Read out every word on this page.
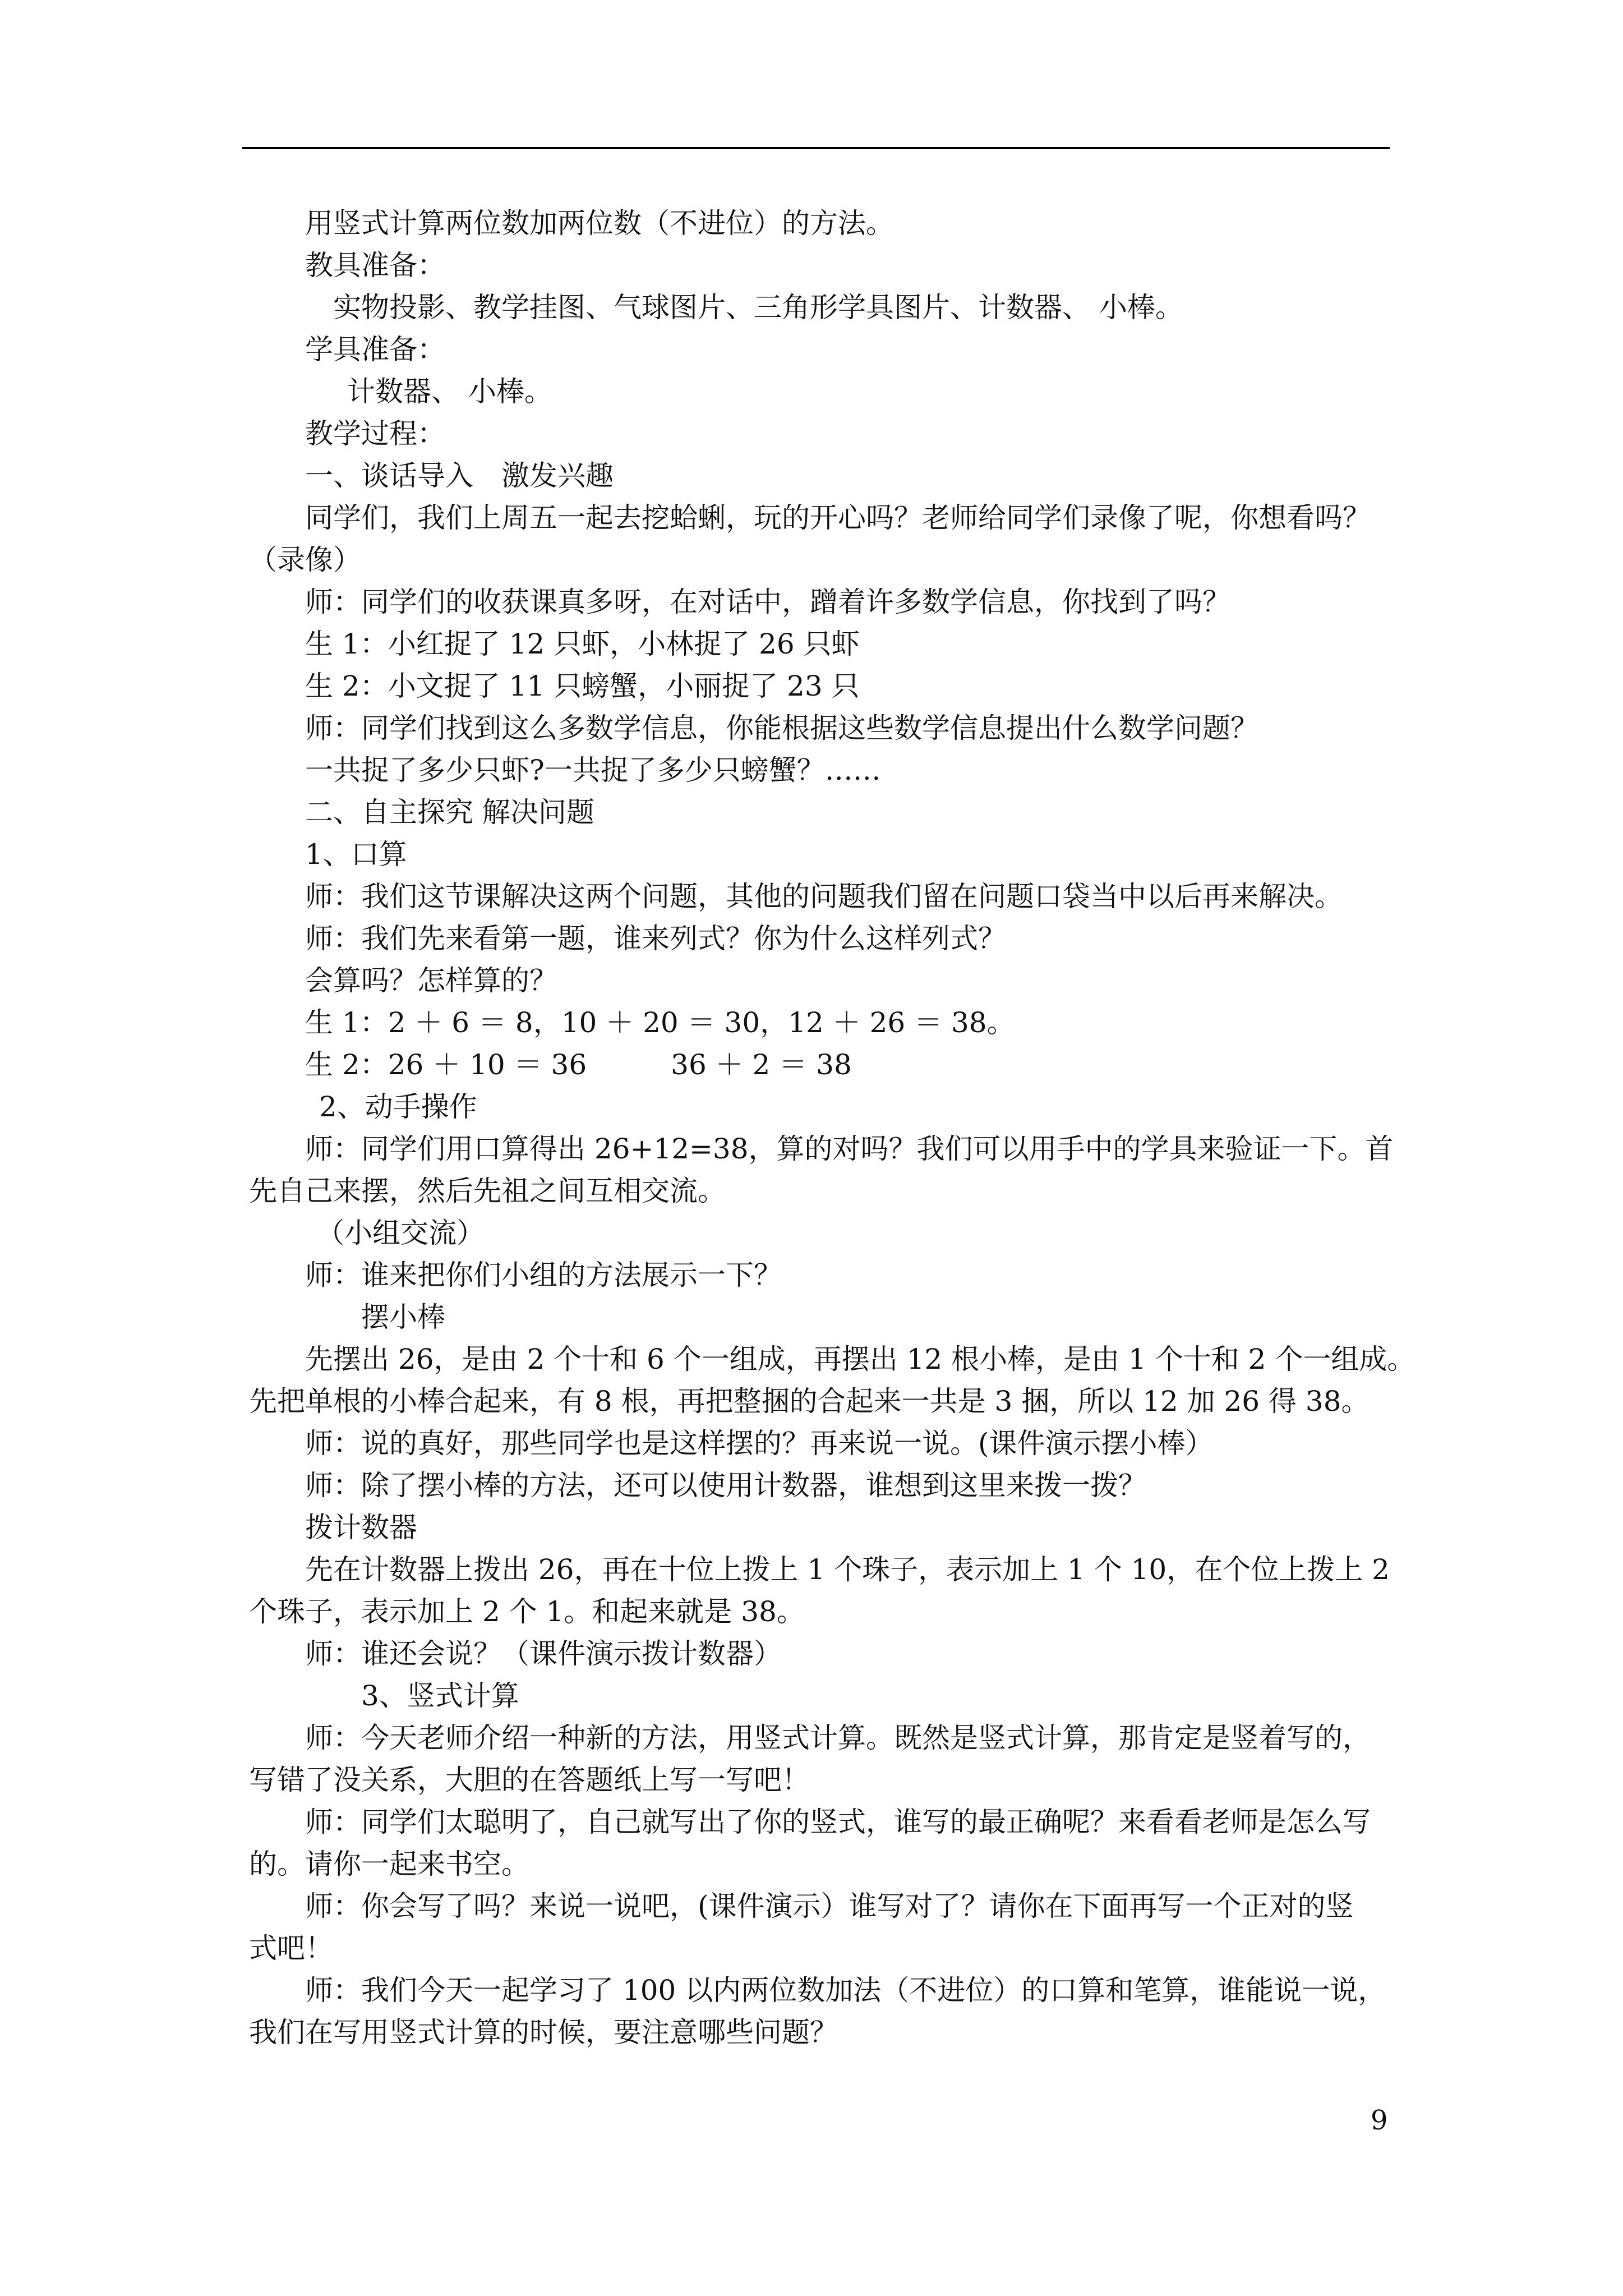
用竖式计算两位数加两位数（不进位）的方法。
教具准备：
实物投影、教学挂图、气球图片、三角形学具图片、计数器、 小棒。
学具准备：
计数器、 小棒。
教学过程：
一、谈话导入　激发兴趣
同学们，我们上周五一起去挖蛤蜊，玩的开心吗？老师给同学们录像了呢，你想看吗？
（录像）
师：同学们的收获课真多呀，在对话中，蹭着许多数学信息，你找到了吗？
生 1：小红捉了 12 只虾，小林捉了 26 只虾
生 2：小文捉了 11 只螃蟹，小丽捉了 23 只
师：同学们找到这么多数学信息，你能根据这些数学信息提出什么数学问题？
一共捉了多少只虾?一共捉了多少只螃蟹？……
二、自主探究 解决问题
1、口算
师：我们这节课解决这两个问题，其他的问题我们留在问题口袋当中以后再来解决。
师：我们先来看第一题，谁来列式？你为什么这样列式？
会算吗？怎样算的？
生 1：2 ＋ 6 ＝ 8，10 ＋ 20 ＝ 30，12 ＋ 26 ＝ 38。
生 2：26 ＋ 10 ＝ 36　　　36 ＋ 2 ＝ 38
2、动手操作
师：同学们用口算得出 26+12=38，算的对吗？我们可以用手中的学具来验证一下。首
先自己来摆，然后先祖之间互相交流。
（小组交流）
师：谁来把你们小组的方法展示一下？
摆小棒
先摆出 26，是由 2 个十和 6 个一组成，再摆出 12 根小棒，是由 1 个十和 2 个一组成。
先把单根的小棒合起来，有 8 根，再把整捆的合起来一共是 3 捆，所以 12 加 26 得 38。
师：说的真好，那些同学也是这样摆的？再来说一说。(课件演示摆小棒）
师：除了摆小棒的方法，还可以使用计数器，谁想到这里来拨一拨？
拨计数器
先在计数器上拨出 26，再在十位上拨上 1 个珠子，表示加上 1 个 10，在个位上拨上 2
个珠子，表示加上 2 个 1。和起来就是 38。
师：谁还会说？（课件演示拨计数器）
3、竖式计算
师：今天老师介绍一种新的方法，用竖式计算。既然是竖式计算，那肯定是竖着写的，
写错了没关系，大胆的在答题纸上写一写吧！
师：同学们太聪明了，自己就写出了你的竖式，谁写的最正确呢？来看看老师是怎么写
的。请你一起来书空。
师：你会写了吗？来说一说吧，(课件演示）谁写对了？请你在下面再写一个正对的竖
式吧！
师：我们今天一起学习了 100 以内两位数加法（不进位）的口算和笔算，谁能说一说，
我们在写用竖式计算的时候，要注意哪些问题？
9
